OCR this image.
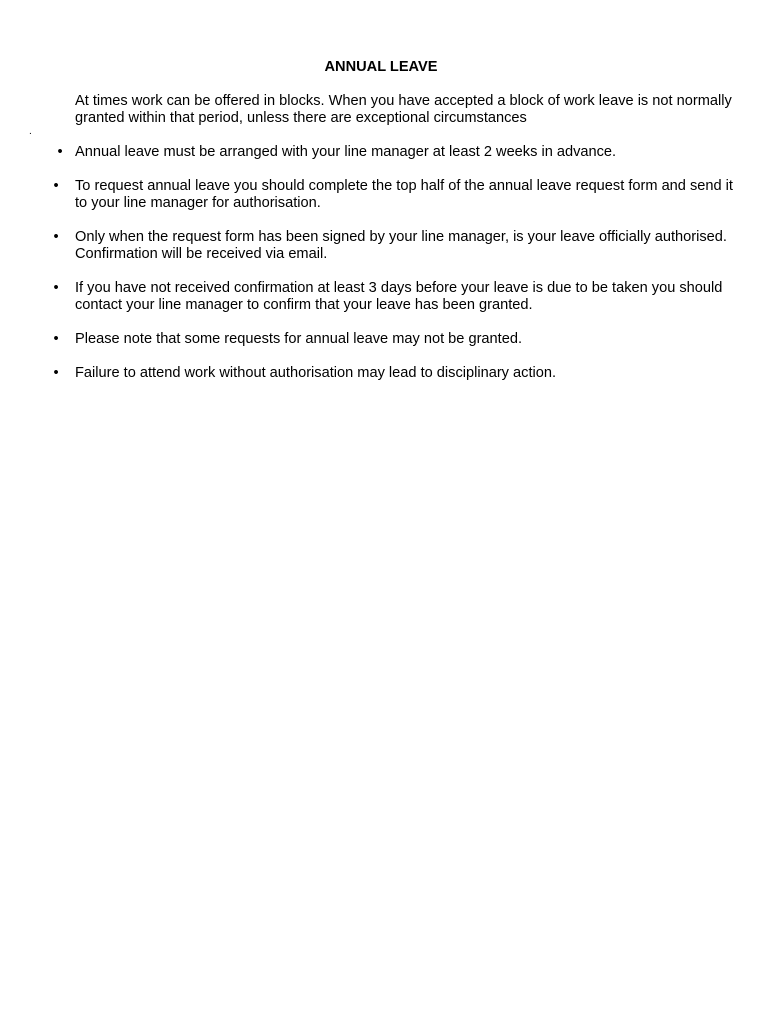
ANNUAL LEAVE
At times work can be offered in blocks. When you have accepted a block of work leave is not normally granted within that period, unless there are exceptional circumstances
.
• Annual leave must be arranged with your line manager at least 2 weeks in advance.
• To request annual leave you should complete the top half of the annual leave request form and send it to your line manager for authorisation.
• Only when the request form has been signed by your line manager, is your leave officially authorised. Confirmation will be received via email.
• If you have not received confirmation at least 3 days before your leave is due to be taken you should contact your line manager to confirm that your leave has been granted.
• Please note that some requests for annual leave may not be granted.
• Failure to attend work without authorisation may lead to disciplinary action.
